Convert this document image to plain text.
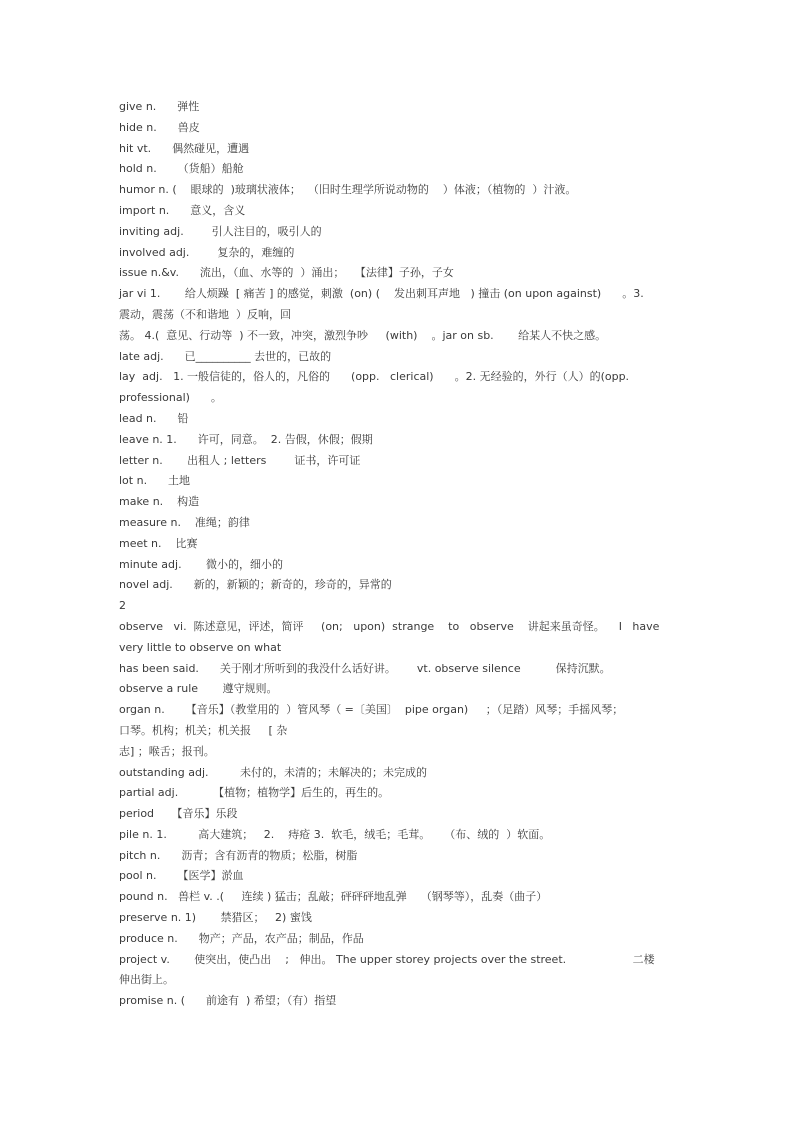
give n.      弹性
hide n.      兽皮
hit vt.      偶然碰见，遭遇
hold n.      （货船）船舱
humor n. (    眼球的  )玻璃状液体；  （旧时生理学所说动物的    ）体液；（植物的  ）汁液。
import n.      意义，含义
inviting adj.        引人注目的，吸引人的
involved adj.        复杂的，难缠的
issue n.&v.      流出，（血、水等的  ）涌出；   【法律】子孙，子女
jar vi 1.       给人烦躁  [ 痛苦 ] 的感觉，刺激  (on) (    发出刺耳声地   ) 撞击 (on upon against)      。3.
震动，震荡（不和谐地  ）反响，回
荡。 4.(  意见、行动等  ) 不一致，冲突，激烈争吵     (with)    。jar on sb.       给某人不快之感。
late adj.      已__________ 去世的，已故的
lay  adj.   1. 一般信徒的，俗人的，凡俗的      (opp.   clerical)      。2. 无经验的，外行（人）的(opp.
professional)      。
lead n.      铅
leave n. 1.      许可，同意。  2. 告假，休假；假期
letter n.       出租人 ; letters        证书，许可证
lot n.      土地
make n.    构造
measure n.    准绳；韵律
meet n.    比赛
minute adj.       微小的，细小的
novel adj.      新的，新颖的；新奇的，珍奇的，异常的
2
observe   vi.  陈述意见，评述，简评     (on;   upon)  strange    to   observe    讲起来虽奇怪。    I   have
very little to observe on what
has been said.      关于刚才所听到的我没什么话好讲。      vt. observe silence          保持沉默。
observe a rule       遵守规则。
organ n.      【音乐】（教堂用的  ）管风琴（ =〔美国〕  pipe organ)     ；（足踏）风琴；手摇风琴；
口琴。机构；机关；机关报     [ 杂
志] ；喉舌；报刊。
outstanding adj.         未付的，未清的；未解决的；未完成的
partial adj.          【植物；植物学】后生的，再生的。
period     【音乐】乐段
pile n. 1.         高大建筑；   2.    痔疮 3.  软毛，绒毛；毛茸。    （布、绒的  ）软面。
pitch n.      沥青；含有沥青的物质；松脂，树脂
pool n.      【医学】淤血
pound n.   兽栏 v. .(     连续 ) 猛击；乱敲；砰砰砰地乱弹    （钢琴等），乱奏（曲子）
preserve n. 1)       禁猎区；   2) 蜜饯
produce n.      物产；产品，农产品；制品，作品
project v.       使突出，使凸出    ;   伸出。 The upper storey projects over the street.                   二楼
伸出街上。
promise n. (      前途有  ) 希望；（有）指望
